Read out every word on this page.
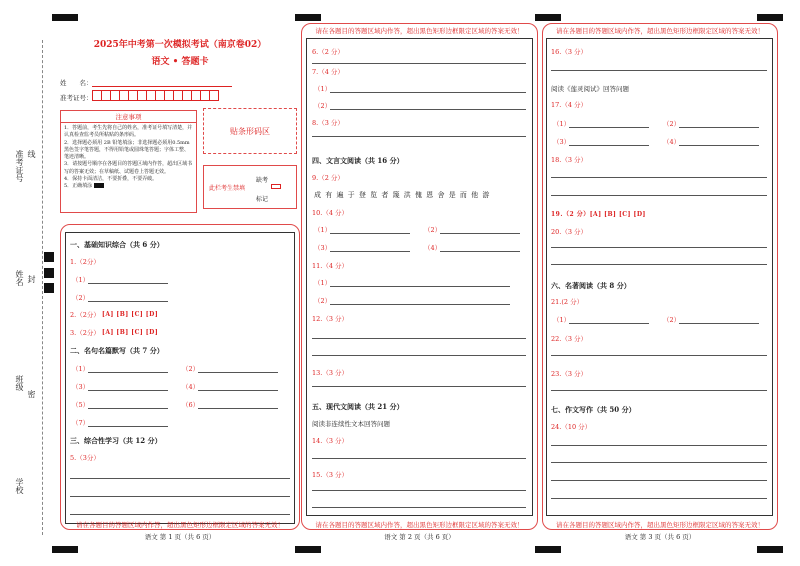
准考证号 线
姓名 封
班级
密
学校
2025年中考第一次模拟考试（南京卷02）
语文 • 答题卡
姓　　名：
准考证号：
注意事项
1．答题前，考生先将自己的姓名，准考证号填写清楚，并认真检查监考员所粘贴的条形码。
2．选择题必须用 2B 铅笔填涂；非选择题必须用0.5mm 黑色签字笔答题，不得用铅笔或圆珠笔答题；字体工整、笔迹清晰。
3．请按题号顺序在各题目的答题区域内作答，超出区域书写的答案无效；在草稿纸、试题卷上答题无效。
4．保持卡面清洁，不要折叠，不要弄破。
5．正确填涂
贴条形码区
此栏考生禁填
缺考
标记
一、基础知识综合（共 6 分）
1.（2分）
（1）
（2）
2.（2分） [A] [B] [C] [D]
3.（2分） [A] [B] [C] [D]
二、名句名篇默写（共 7 分）
（1）	（2）
（3）	（4）
（5）	（6）
（7）
三、综合性学习（共 12 分）
5.（3分）
请在各题目的答题区域内作答，超出黑色矩形边框限定区域的答案无效！
语文 第 1 页（共 6 页）
请在各题目的答题区域内作答，超出黑色矩形边框限定区域的答案无效！
6.（2 分）
7.（4 分）
（1）
（2）
8.（3 分）
四、文言文阅读（共 16 分）
9.（2 分）
成 有 遍 于 登 览 者 篾 洪 傀 恩 舍 是 而 他 游
10.（4 分）
（1）	（2）
（3）	（4）
11.（4 分）
（1）
（2）
12.（3 分）
13.（3 分）
五、现代文阅读（共 21 分）
阅读非连续性文本回答问题
14.（3 分）
15.（3 分）
请在各题目的答题区域内作答，超出黑色矩形边框限定区域的答案无效！
语文 第 2 页（共 6 页）
请在各题目的答题区域内作答，超出黑色矩形边框限定区域的答案无效！
16.（3 分）
阅读《莲灵阅试》回答问题
17.（4 分）
（1）	（2）
（3）	（4）
18.（3 分）
19.（2 分）[A] [B] [C] [D]
20.（3 分）
六、名著阅读（共 8 分）
21.(2 分）
（1）	（2）
22.（3 分）
23.（3 分）
七、作文写作（共 50 分）
24.（10 分）
请在各题目的答题区域内作答，超出黑色矩形边框限定区域的答案无效！
语文 第 3 页（共 6 页）
